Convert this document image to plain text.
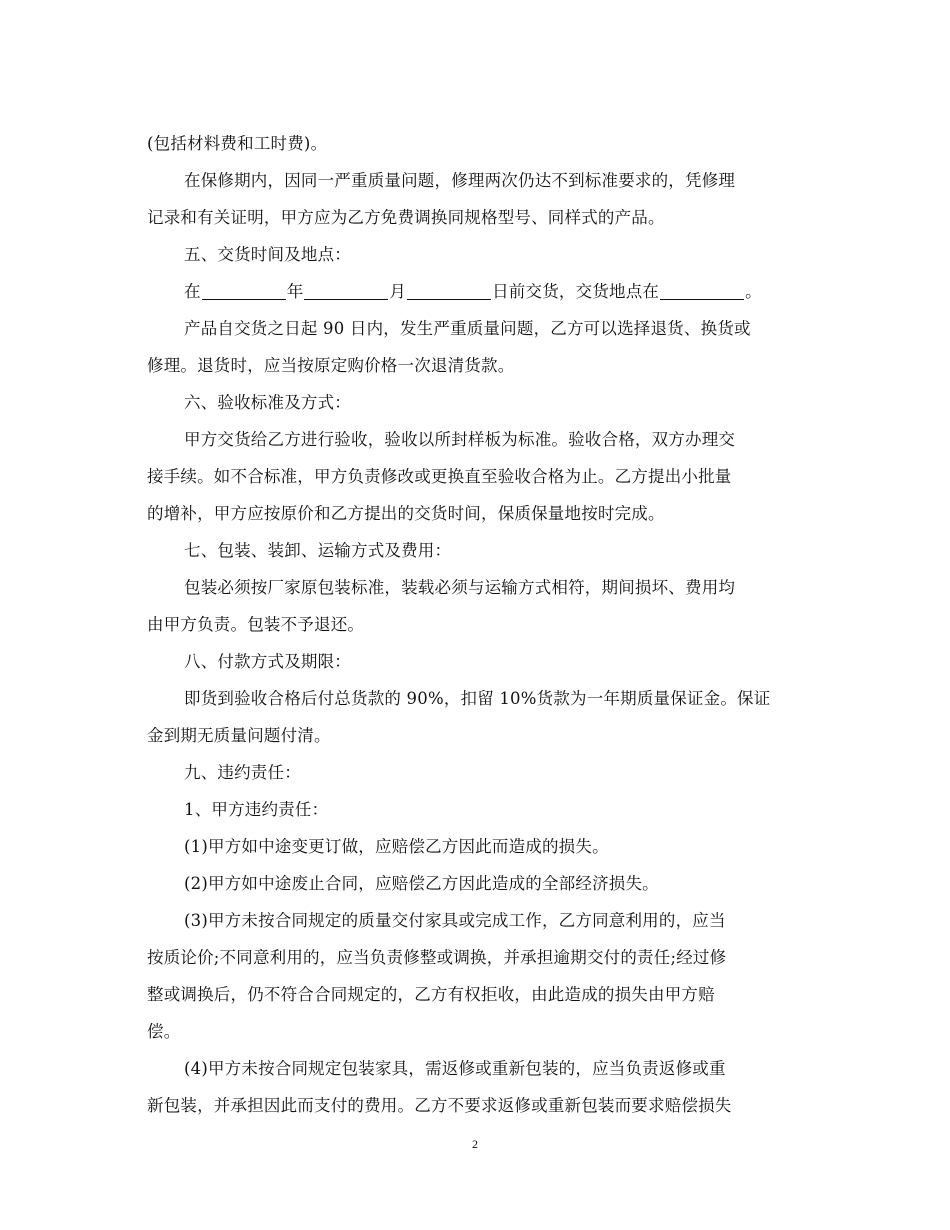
(包括材料费和工时费)。
在保修期内，因同一严重质量问题，修理两次仍达不到标准要求的，凭修理
记录和有关证明，甲方应为乙方免费调换同规格型号、同样式的产品。
五、交货时间及地点：
在	年	月	日前交货，交货地点在	。
产品自交货之日起 90 日内，发生严重质量问题，乙方可以选择退货、换货或
修理。退货时，应当按原定购价格一次退清货款。
六、验收标准及方式：
甲方交货给乙方进行验收，验收以所封样板为标准。验收合格，双方办理交
接手续。如不合标准，甲方负责修改或更换直至验收合格为止。乙方提出小批量
的增补，甲方应按原价和乙方提出的交货时间，保质保量地按时完成。
七、包装、装卸、运输方式及费用：
包装必须按厂家原包装标准，装载必须与运输方式相符，期间损坏、费用均
由甲方负责。包装不予退还。
八、付款方式及期限：
即货到验收合格后付总货款的 90%，扣留 10%货款为一年期质量保证金。保证
金到期无质量问题付清。
九、违约责任：
1、甲方违约责任：
(1)甲方如中途变更订做，应赔偿乙方因此而造成的损失。
(2)甲方如中途废止合同，应赔偿乙方因此造成的全部经济损失。
(3)甲方未按合同规定的质量交付家具或完成工作，乙方同意利用的，应当
按质论价;不同意利用的，应当负责修整或调换，并承担逾期交付的责任;经过修
整或调换后，仍不符合合同规定的，乙方有权拒收，由此造成的损失由甲方赔
偿。
(4)甲方未按合同规定包装家具，需返修或重新包装的，应当负责返修或重
新包装，并承担因此而支付的费用。乙方不要求返修或重新包装而要求赔偿损失
2
